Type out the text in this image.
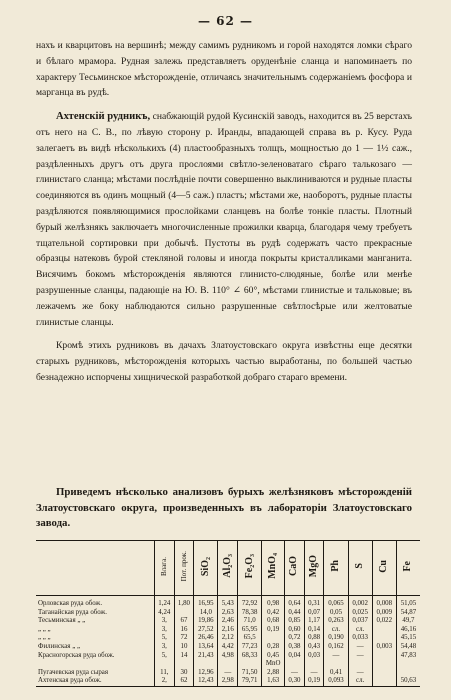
— 62 —

нахъ и кварцитовъ на вершинѣ; между самимъ рудникомъ и горой находятся ломки сѣраго и бѣлаго мрамора. Рудная залежь представляетъ оруденѣніе сланца и напоминаетъ по характеру Тесьминское мѣсторожденіе, отличаясь значительнымъ содержаніемъ фосфора и марганца въ рудѣ.

Ахтенскій рудникъ, снабжающій рудой Кусинскій заводъ, находится въ 25 верстахъ отъ него на С. В., по лѣвую сторону р. Иранды, впадающей справа въ р. Кусу. Руда залегаетъ въ видѣ нѣсколькихъ (4) пластообразныхъ толщъ, мощностью до 1 — 1½ саж., раздѣленныхъ другъ отъ друга прослоями свѣтло-зеленоватаго сѣраго талькозаго — глинистаго сланца; мѣстами послѣдніе почти совершенно выклиниваются и рудные пласты соединяются въ одинъ мощный (4—5 саж.) пластъ; мѣстами же, наоборотъ, рудные пласты раздѣляются появляющимися прослойками сланцевъ на болѣе тонкіе пласты. Плотный бурый желѣзнякъ заключаетъ многочисленные прожилки кварца, благодаря чему требуетъ тщательной сортировки при добычѣ. Пустоты въ рудѣ содержатъ часто прекрасные образцы натековъ бурой стекляной головы и иногда покрыты кристалликами манганита. Висячимъ бокомъ мѣсторожденія являются глинисто-слюдяные, болѣе или менѣе разрушенные сланцы, падающіе на Ю. В. 110° ∠ 60°, мѣстами глинистые и тальковые; въ лежачемъ же боку наблюдаются сильно разрушенные свѣтлосѣрые или желтоватые глинистые сланцы.

Кромѣ этихъ рудниковъ въ дачахъ Златоустовскаго округа извѣстны еще десятки старыхъ рудниковъ, мѣсторожденія которыхъ частью выработаны, по большей частью безнадежно испорчены хищнической разработкой добраго стараго времени.

Приведемъ нѣсколько анализовъ бурыхъ желѣзняковъ мѣсторожденій Златоустовскаго округа, произведенныхъ въ лабораторіи Златоустовскаго завода.
	Влага.	Пот. прок.	SiO₂	Al₂O₃	Fe₂O₃	MnO₄	CaO	MgO	Ph	S	Cu	Fe
Орловская руда обож.	1,24	1,80	16,95	5,43	72,92	0,98	0,64	0,31	0,065	0,002	0,008	51,05
Таганайская руда обож.	4,24		14,0	2,63	78,38	0,42	0,44	0,07	0,05	0,025	0,009	54,87
Тесьминская „ „	3,	67	19,86	2,46	71,0	0,68	0,85	1,17	0,263	0,037	0,022	49,7
„ „ „	3,	16	27,52	2,16	65,95	0,19	0,60	0,14	сл.	сл.		46,16
„ „ „	5,	72	26,46	2,12	65,5		0,72	0,88	0,190	0,033		45,15
Филинская „ „	3,	10	13,64	4,42	77,23	0,28	0,38	0,43	0,162	—	0,003	54,48
Красногорская руда обож.	5,	14	21,43	4,98	68,33	0,45	0,04	0,03	—	—		47,83
						MnO						
Пугачевская руда сырая	11,	30	12,96	—	71,50	2,88	—	—	0,41	—		
Ахтенская руда обож.	2,	62	12,43	2,98	79,71	1,63	0,30	0,19	0,093	сл.		50,63
